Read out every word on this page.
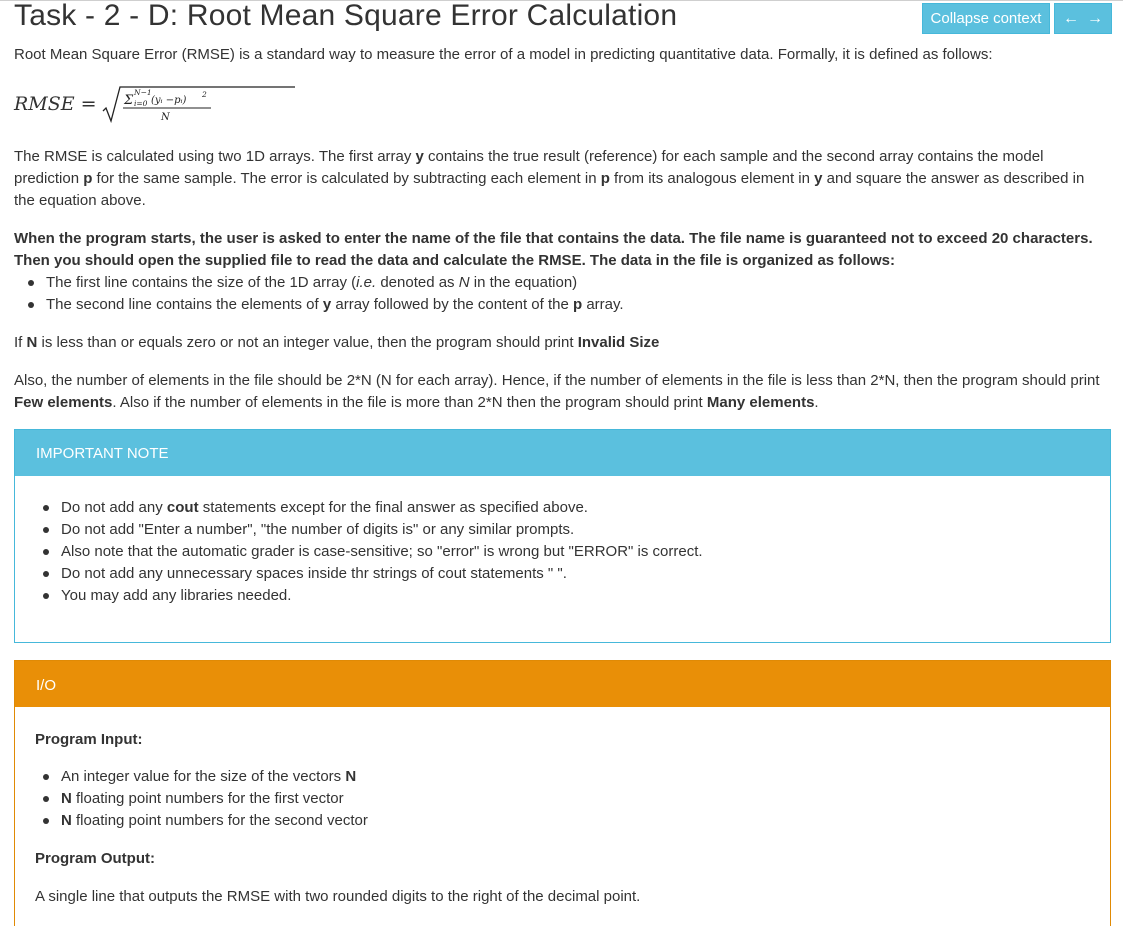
Task - 2 - D: Root Mean Square Error Calculation	Collapse context	← →

Root Mean Square Error (RMSE) is a standard way to measure the error of a model in predicting quantitative data. Formally, it is defined as follows:

RMSE = Σ
N−1
i=0 (yᵢ −pᵢ)
2
N

The RMSE is calculated using two 1D arrays. The first array y contains the true result (reference) for each sample and the second array contains the model prediction p for the same sample. The error is calculated by subtracting each element in p from its analogous element in y and square the answer as described in the equation above.

When the program starts, the user is asked to enter the name of the file that contains the data. The file name is guaranteed not to exceed 20 characters. Then you should open the supplied file to read the data and calculate the RMSE. The data in the file is organized as follows:

The first line contains the size of the 1D array (i.e. denoted as N in the equation)
The second line contains the elements of y array followed by the content of the p array.

If N is less than or equals zero or not an integer value, then the program should print Invalid Size

Also, the number of elements in the file should be 2*N (N for each array). Hence, if the number of elements in the file is less than 2*N, then the program should print Few elements. Also if the number of elements in the file is more than 2*N then the program should print Many elements.

IMPORTANT NOTE
Do not add any cout statements except for the final answer as specified above.
Do not add "Enter a number", "the number of digits is" or any similar prompts.
Also note that the automatic grader is case-sensitive; so "error" is wrong but "ERROR" is correct.
Do not add any unnecessary spaces inside thr strings of cout statements " ".
You may add any libraries needed.
I/O
Program Input:
An integer value for the size of the vectors N
N floating point numbers for the first vector
N floating point numbers for the second vector
Program Output:
A single line that outputs the RMSE with two rounded digits to the right of the decimal point.
